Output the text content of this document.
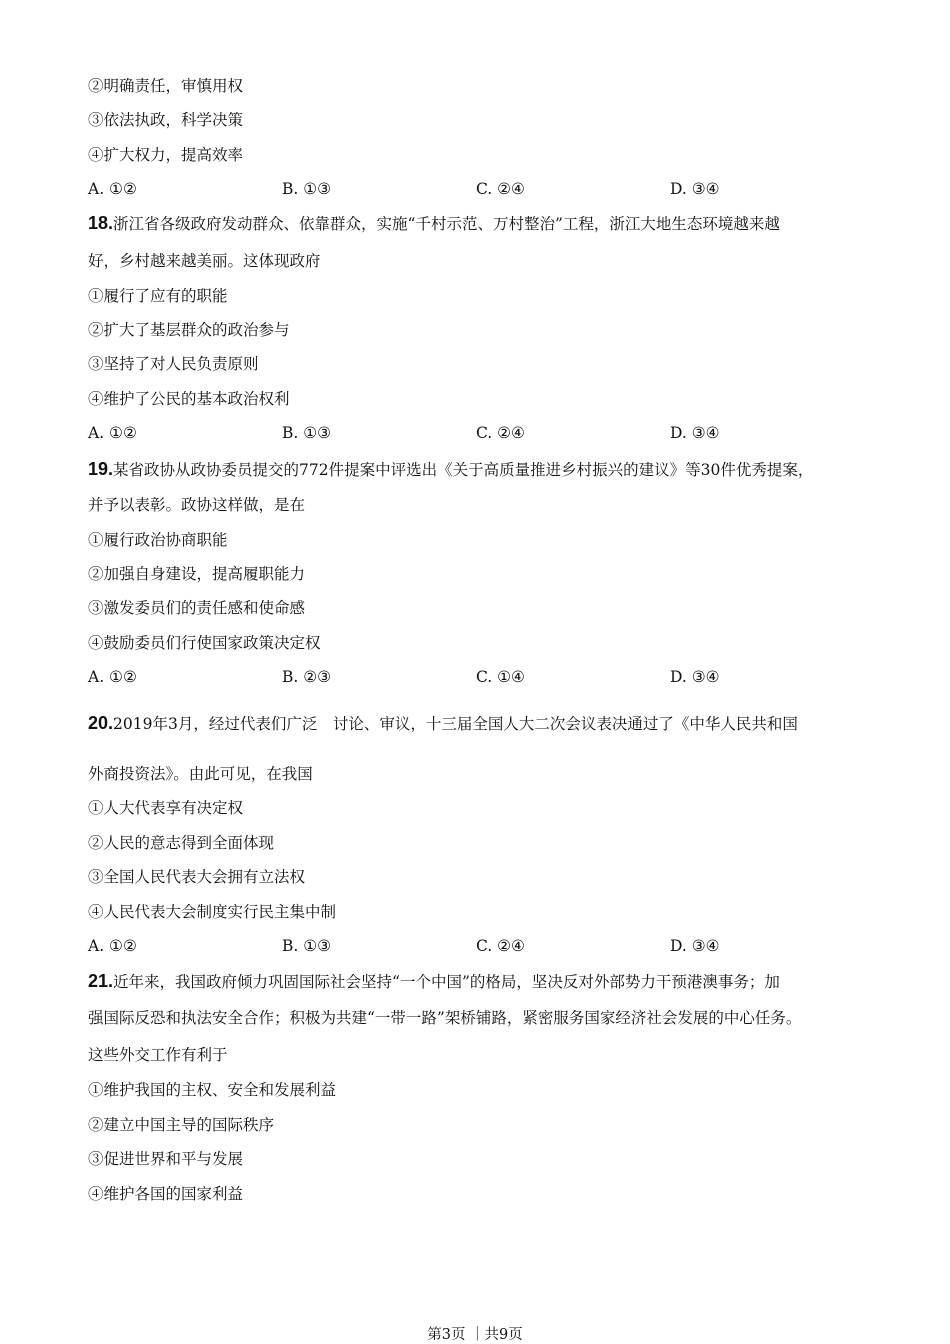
②明确责任，审慎用权
③依法执政，科学决策
④扩大权力，提高效率
A. ①②	B. ①③	C. ②④	D. ③④
18.浙江省各级政府发动群众、依靠群众，实施“千村示范、万村整治”工程，浙江大地生态环境越来越
好，乡村越来越美丽。这体现政府
①履行了应有的职能
②扩大了基层群众的政治参与
③坚持了对人民负责原则
④维护了公民的基本政治权利
A. ①②	B. ①③	C. ②④	D. ③④
19.某省政协从政协委员提交的772件提案中评选出《关于高质量推进乡村振兴的建议》等30件优秀提案，
并予以表彰。政协这样做，是在
①履行政治协商职能
②加强自身建设，提高履职能力
③激发委员们的责任感和使命感
④鼓励委员们行使国家政策决定权
A. ①②	B. ②③	C. ①④	D. ③④
20.2019年3月，经过代表们广泛　讨论、审议，十三届全国人大二次会议表决通过了《中华人民共和国
外商投资法》。由此可见，在我国
①人大代表享有决定权
②人民的意志得到全面体现
③全国人民代表大会拥有立法权
④人民代表大会制度实行民主集中制
A. ①②	B. ①③	C. ②④	D. ③④
21.近年来，我国政府倾力巩固国际社会坚持“一个中国”的格局，坚决反对外部势力干预港澳事务；加
强国际反恐和执法安全合作；积极为共建“一带一路”架桥铺路，紧密服务国家经济社会发展的中心任务。
这些外交工作有利于
①维护我国的主权、安全和发展利益
②建立中国主导的国际秩序
③促进世界和平与发展
④维护各国的国家利益
第3页 ｜共9页
